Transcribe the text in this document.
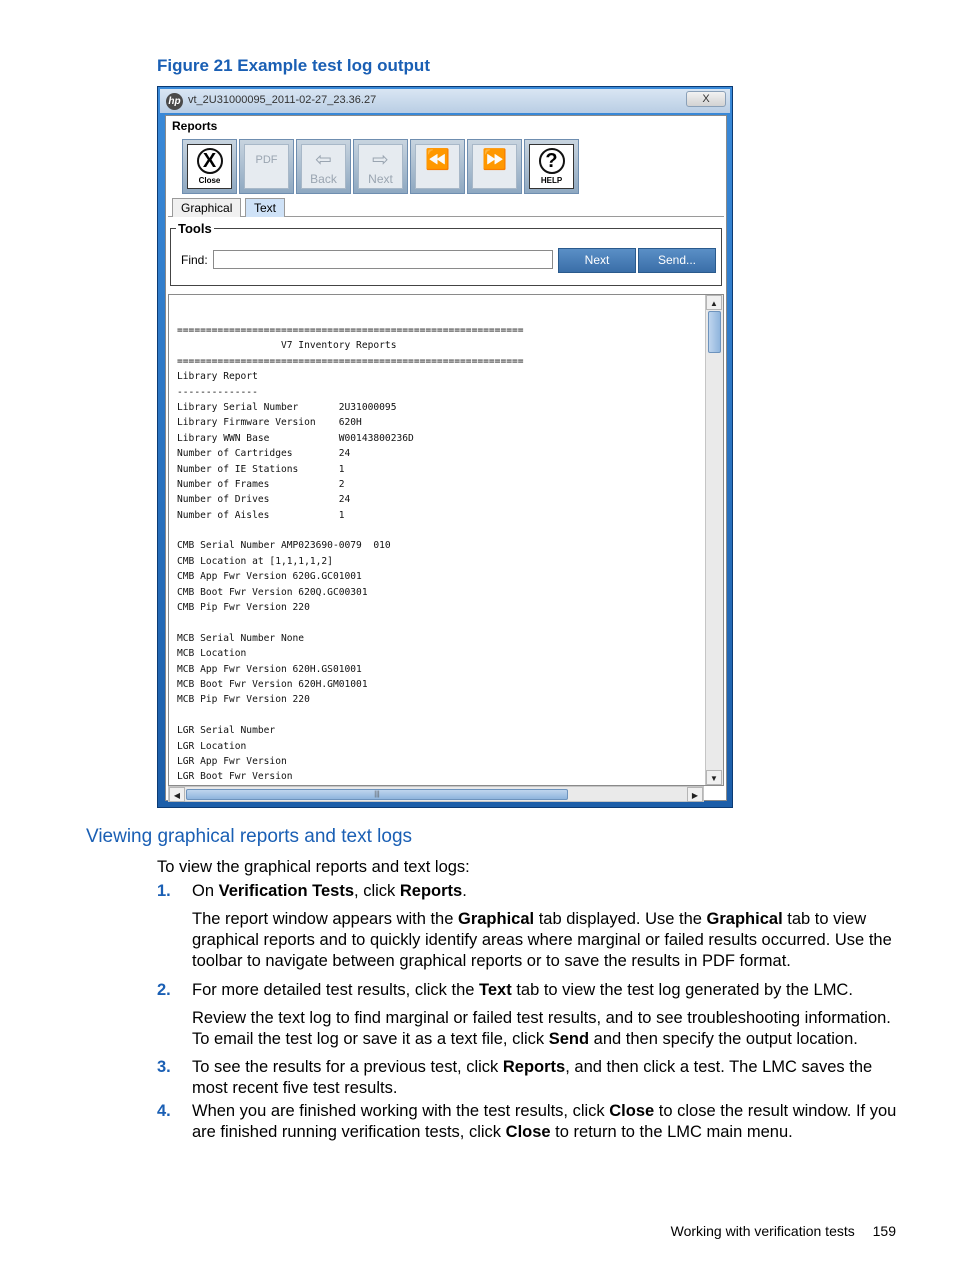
Figure 21 Example test log output
hp vt_2U31000095_2011-02-27_23.36.27	X
Reports
X
Close
PDF	⇦
Back
⇨
Next
⏪	⏩	?
HELP
Graphical	Text
Tools
Find:	Next	Send...
============================================================
V7 Inventory Reports
============================================================
Library Report
--------------
Library Serial Number       2U31000095
Library Firmware Version    620H
Library WWN Base            W00143800236D
Number of Cartridges        24
Number of IE Stations       1
Number of Frames            2
Number of Drives            24
Number of Aisles            1
CMB Serial Number AMP023690-0079  010
CMB Location at [1,1,1,1,2]
CMB App Fwr Version 620G.GC01001
CMB Boot Fwr Version 620Q.GC00301
CMB Pip Fwr Version 220
MCB Serial Number None
MCB Location
MCB App Fwr Version 620H.GS01001
MCB Boot Fwr Version 620H.GM01001
MCB Pip Fwr Version 220
LGR Serial Number
LGR Location
LGR App Fwr Version
LGR Boot Fwr Version
▲
▼
◀	|||	▶
Viewing graphical reports and text logs
To view the graphical reports and text logs:
1. On Verification Tests, click Reports.

The report window appears with the Graphical tab displayed. Use the Graphical tab to view graphical reports and to quickly identify areas where marginal or failed results occurred. Use the toolbar to navigate between graphical reports or to save the results in PDF format.

2. For more detailed test results, click the Text tab to view the test log generated by the LMC.

Review the text log to find marginal or failed test results, and to see troubleshooting information. To email the test log or save it as a text file, click Send and then specify the output location.

3. To see the results for a previous test, click Reports, and then click a test. The LMC saves the most recent five test results.

4. When you are finished working with the test results, click Close to close the result window. If you are finished running verification tests, click Close to return to the LMC main menu.

Working with verification tests 159
